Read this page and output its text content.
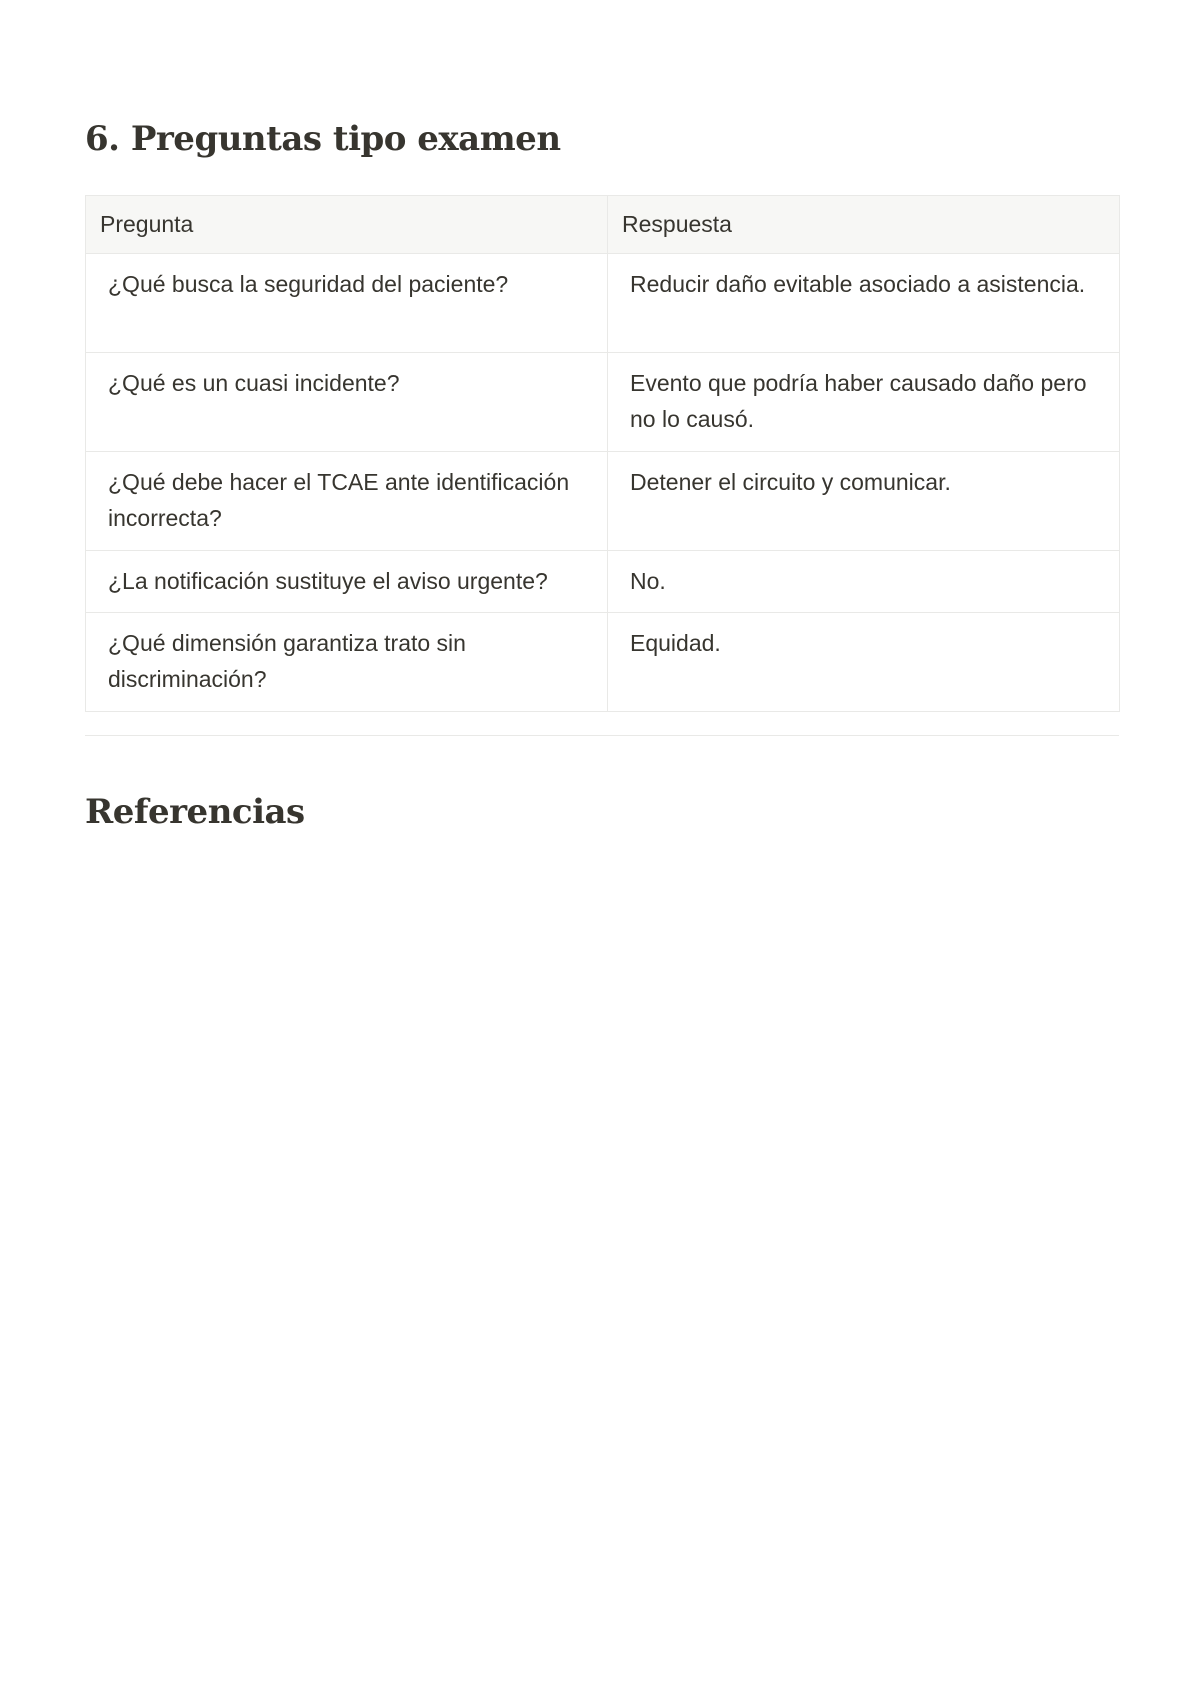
6. Preguntas tipo examen
Pregunta	Respuesta
¿Qué busca la seguridad del paciente?	Reducir daño evitable asociado a asistencia.
¿Qué es un cuasi incidente?	Evento que podría haber causado daño pero no lo causó.
¿Qué debe hacer el TCAE ante identificación incorrecta?	Detener el circuito y comunicar.
¿La notificación sustituye el aviso urgente?	No.
¿Qué dimensión garantiza trato sin discriminación?	Equidad.
Referencias
